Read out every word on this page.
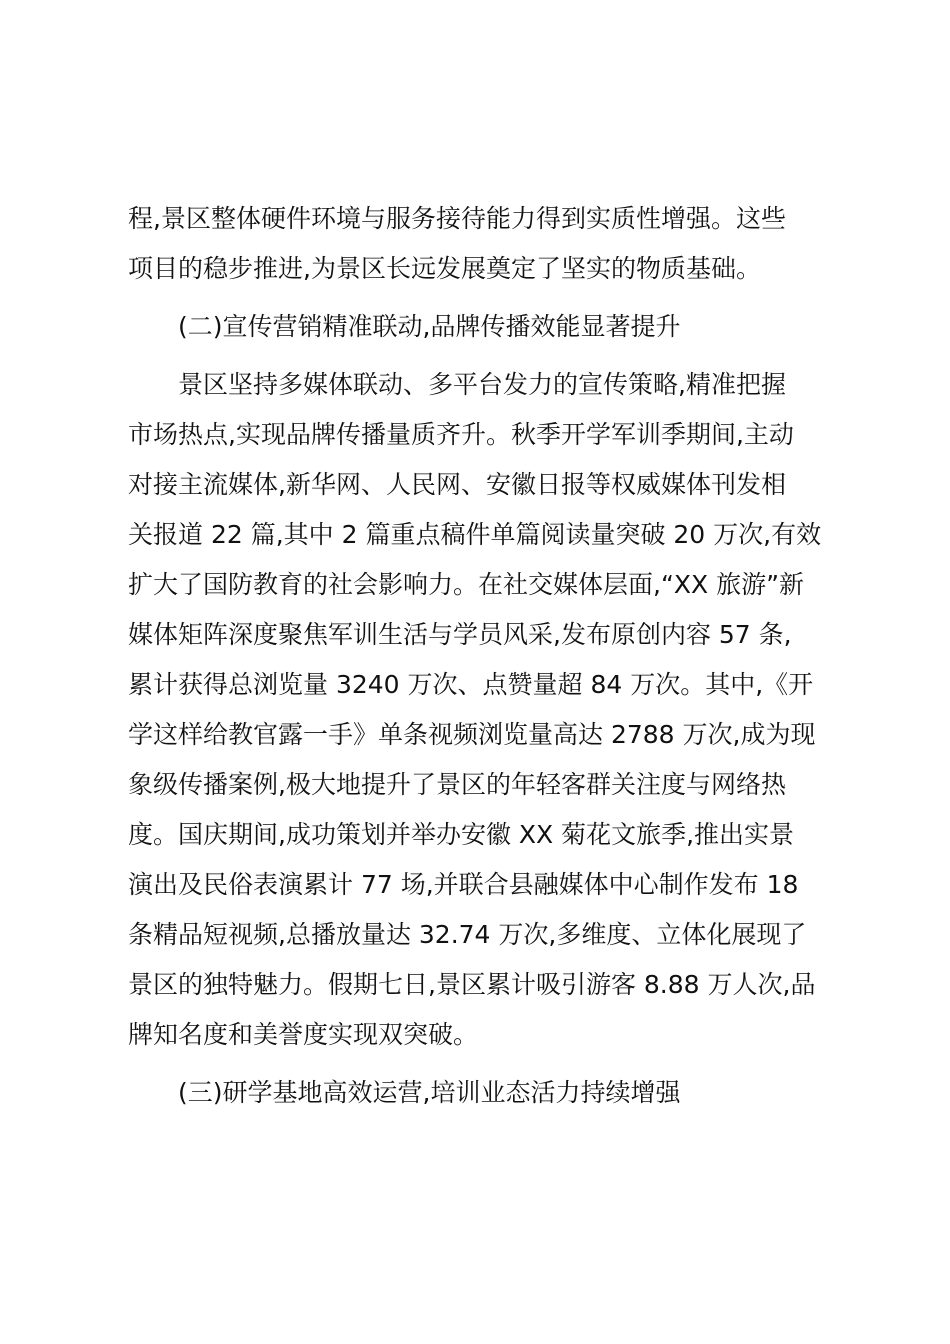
程,景区整体硬件环境与服务接待能力得到实质性增强。这些
项目的稳步推进,为景区长远发展奠定了坚实的物质基础。
(二)宣传营销精准联动,品牌传播效能显著提升
景区坚持多媒体联动、多平台发力的宣传策略,精准把握
市场热点,实现品牌传播量质齐升。秋季开学军训季期间,主动
对接主流媒体,新华网、人民网、安徽日报等权威媒体刊发相
关报道 22 篇,其中 2 篇重点稿件单篇阅读量突破 20 万次,有效
扩大了国防教育的社会影响力。在社交媒体层面,“XX 旅游”新
媒体矩阵深度聚焦军训生活与学员风采,发布原创内容 57 条,
累计获得总浏览量 3240 万次、点赞量超 84 万次。其中,《开
学这样给教官露一手》单条视频浏览量高达 2788 万次,成为现
象级传播案例,极大地提升了景区的年轻客群关注度与网络热
度。国庆期间,成功策划并举办安徽 XX 菊花文旅季,推出实景
演出及民俗表演累计 77 场,并联合县融媒体中心制作发布 18
条精品短视频,总播放量达 32.74 万次,多维度、立体化展现了
景区的独特魅力。假期七日,景区累计吸引游客 8.88 万人次,品
牌知名度和美誉度实现双突破。
(三)研学基地高效运营,培训业态活力持续增强
